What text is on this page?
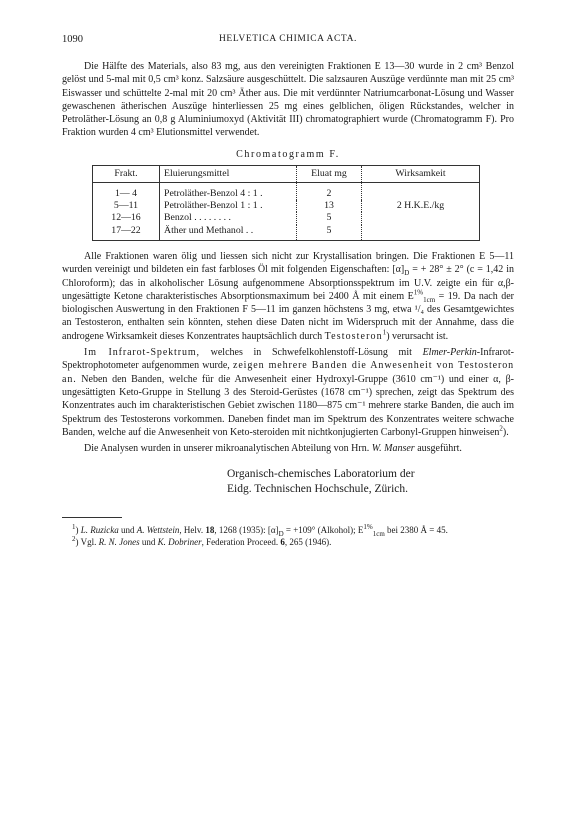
1090	HELVETICA CHIMICA ACTA.

Die Hälfte des Materials, also 83 mg, aus den vereinigten Fraktionen E 13—30 wurde in 2 cm³ Benzol gelöst und 5-mal mit 0,5 cm³ konz. Salzsäure ausgeschüttelt. Die salzsauren Auszüge verdünnte man mit 25 cm³ Eiswasser und schüttelte 2-mal mit 20 cm³ Äther aus. Die mit verdünnter Natriumcarbonat-Lösung und Wasser gewaschenen ätherischen Auszüge hinterliessen 25 mg eines gelblichen, öligen Rückstandes, welcher in Petroläther-Lösung an 0,8 g Aluminiumoxyd (Aktivität III) chromatographiert wurde (Chromatogramm F). Pro Fraktion wurden 4 cm³ Elutionsmittel verwendet.

Chromatogramm F.
Frakt.	Eluierungsmittel	Eluat mg	Wirksamkeit
1— 4	Petroläther-Benzol 4 : 1 .	2	
5—11	Petroläther-Benzol 1 : 1 .	13	2 H.K.E./kg
12—16	Benzol . . . . . . . .	5	
17—22	Äther und Methanol . .	5	

Alle Fraktionen waren ölig und liessen sich nicht zur Krystallisation bringen. Die Fraktionen E 5—11 wurden vereinigt und bildeten ein fast farbloses Öl mit folgenden Eigenschaften: $[\alpha]_D$ = + 28° ± 2° (c = 1,42 in Chloroform); das in alkoholischer Lösung aufgenommene Absorptionsspektrum im U.V. zeigte ein für α,β-ungesättigte Ketone charakteristisches Absorptionsmaximum bei 2400 Å mit einem $E^{1\%}_{1cm} = 19$. Da nach der biologischen Auswertung in den Fraktionen F 5—11 im ganzen höchstens 3 mg, etwa ¹/₄ des Gesamtgewichtes an Testosteron, enthalten sein könnten, stehen diese Daten nicht im Widerspruch mit der Annahme, dass die androgene Wirksamkeit dieses Konzentrates hauptsächlich durch Testosteron$^1$) verursacht ist.

Im Infrarot-Spektrum, welches in Schwefelkohlenstoff-Lösung mit Elmer-Perkin-Infrarot-Spektrophotometer aufgenommen wurde, zeigen mehrere Banden die Anwesenheit von Testosteron an. Neben den Banden, welche für die Anwesenheit einer Hydroxyl-Gruppe (3610 cm⁻¹) und einer α, β-ungesättigten Keto-Gruppe in Stellung 3 des Steroid-Gerüstes (1678 cm⁻¹) sprechen, zeigt das Spektrum des Konzentrates auch im charakteristischen Gebiet zwischen 1180—875 cm⁻¹ mehrere starke Banden, die auch im Spektrum des Testosterons vorkommen. Daneben findet man im Spektrum des Konzentrates weitere schwache Banden, welche auf die Anwesenheit von Keto-steroiden mit nichtkonjugierten Carbonyl-Gruppen hinweisen$^2$).

Die Analysen wurden in unserer mikroanalytischen Abteilung von Hrn. W. Manser ausgeführt.

Organisch-chemisches Laboratorium der
Eidg. Technischen Hochschule, Zürich.

$^1$) L. Ruzicka und A. Wettstein, Helv. 18, 1268 (1935): $[\alpha]_D = +109^\circ$ (Alkohol); $E^{1\%}_{1cm}$ bei 2380 Å = 45.

$^2$) Vgl. R. N. Jones und K. Dobriner, Federation Proceed. 6, 265 (1946).
